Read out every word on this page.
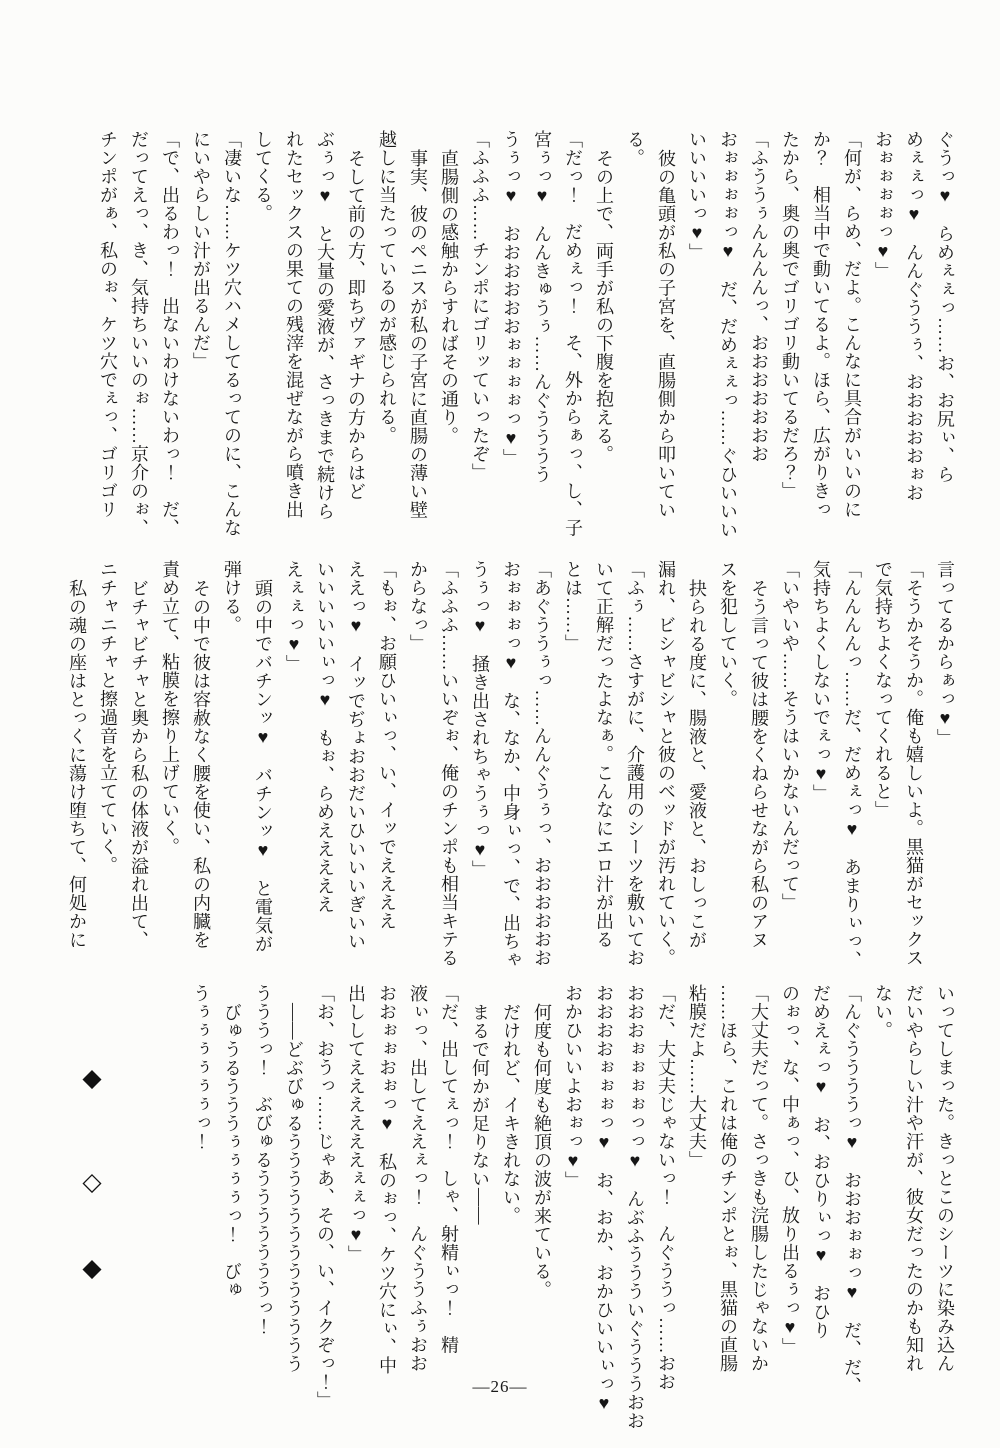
ぐうっ♥　らめぇぇっ……お、お尻ぃ、ら

めぇぇっ♥　んんぐううぅ、おおおおおぉお

おぉぉぉぉっ♥」

「何が、らめ、だよ。こんなに具合がいいのに

か？　相当中で動いてるよ。ほら、広がりきっ

たから、奥の奥でゴリゴリ動いてるだろ？」

「ふううぅんんんんっ、おおおおおおお

おぉぉぉぉっ♥　だ、だめぇぇっ……ぐひいいい

いいいいっ♥」

彼の亀頭が私の子宮を、直腸側から叩いてい

る。

その上で、両手が私の下腹を抱える。

「だっ！　だめぇっ！　そ、外からぁっ、し、子

宮ぅっ♥　んんきゅうぅ……んぐうううう

うぅっ♥　おおおおおおぉぉぉぉっ♥」

「ふふふ……チンポにゴリッていったぞ」

直腸側の感触からすればその通り。

事実、彼のペニスが私の子宮に直腸の薄い壁

越しに当たっているのが感じられる。

そして前の方、即ちヴァギナの方からはど

ぶぅっ♥　と大量の愛液が、さっきまで続けら

れたセックスの果ての残滓を混ぜながら噴き出

してくる。

「凄いな……ケツ穴ハメしてるってのに、こんな

にいやらしい汁が出るんだ」

「で、出るわっ！　出ないわけないわっ！　だ、

だってえっ、き、気持ちいいのぉ……京介のぉ、

チンポがぁ、私のぉ、ケツ穴でぇっ、ゴリゴリ

言ってるからぁっ♥」

「そうかそうか。俺も嬉しいよ。黒猫がセックス

で気持ちよくなってくれると」

「んんんんっ……だ、だめぇっ♥　あまりぃっ、

気持ちよくしないでぇっ♥」

「いやいや……そうはいかないんだって」

そう言って彼は腰をくねらせながら私のアヌ

スを犯していく。

抉られる度に、腸液と、愛液と、おしっこが

漏れ、ビシャビシャと彼のベッドが汚れていく。

「ふぅ……さすがに、介護用のシーツを敷いてお

いて正解だったよなぁ。こんなにエロ汁が出る

とは……」

「あぐううぅっ……んんぐうぅっ、おおおおおお

おぉぉぉっ♥　な、なか、中身ぃっ、で、出ちゃ

うぅっ♥　掻き出されちゃうぅっ♥」

「ふふふ……いいぞぉ、俺のチンポも相当キテる

からなっ」

「もぉ、お願ひいぃっ、い、イッでええええ

ええっ♥　イッでぢょおおだいひいいいぎいい

いいいいいぃっ♥　もぉ、らめえええええ

えぇぇっ♥」

頭の中でバチンッ♥　バチンッ♥　と電気が

弾ける。

その中で彼は容赦なく腰を使い、私の内臓を

責め立て、粘膜を擦り上げていく。

ビチャビチャと奥から私の体液が溢れ出て、

ニチャニチャと擦過音を立てていく。

私の魂の座はとっくに蕩け堕ちて、何処かに

いってしまった。きっとこのシーツに染み込ん

だいやらしい汁や汗が、彼女だったのかも知れ

ない。

「んぐううううっ♥　おおおぉぉっ♥　だ、だ、

だめえぇっ♥　お、おひりぃっ♥　おひり

のぉっ、な、中ぁっ、ひ、放り出るぅっ♥」

「大丈夫だって。さっきも浣腸したじゃないか

……ほら、これは俺のチンポとぉ、黒猫の直腸

粘膜だよ……大丈夫」

「だ、大丈夫じゃないっ！　んぐううっ……おお

おおおぉぉぉぉっっ♥　んぶふううういぐうううおお

おおおおぉぉぉっ♥　お、おか、おかひいいぃっ♥

おかひいいよおぉっ♥」

何度も何度も絶頂の波が来ている。

だけれど、イキきれない。

まるで何かが足りない——

「だ、出してぇっ！　しゃ、射精ぃっ！　精

液ぃっ、出してええぇっ！　んぐううふぅおお

おおぉぉおぉっ♥　私のぉっ、ケツ穴にぃ、中

出ししてええええええぇぇっ♥」

「お、おうっ……じゃあ、その、い、イクぞっ！」

——どぶびゅるううううううううううううう

うううっ！　ぶびゅるうううううううっ！

びゅうるうううぅぅぅぅっ！　びゅ

うぅぅぅぅぅぅっ！

◆
◇
◆
—26—
